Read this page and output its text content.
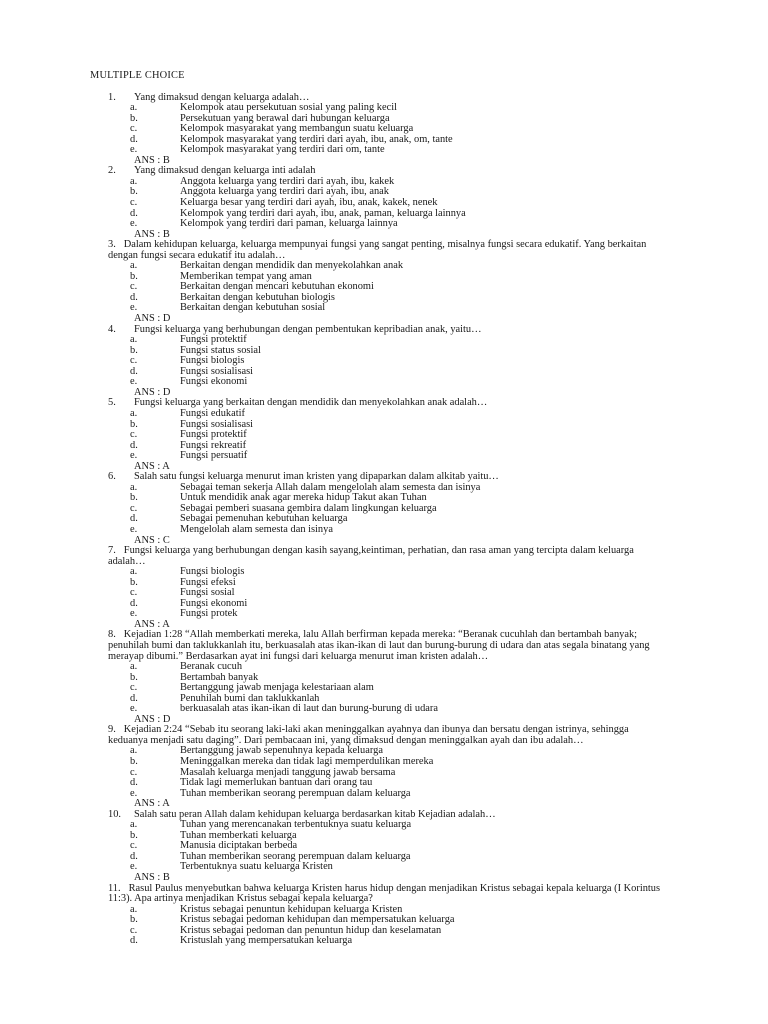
MULTIPLE CHOICE
1.	Yang dimaksud dengan keluarga adalah…
a.	Kelompok atau persekutuan sosial yang paling kecil
b.	Persekutuan yang berawal dari hubungan keluarga
c.	Kelompok masyarakat yang membangun suatu keluarga
d.	Kelompok masyarakat yang terdiri dari ayah, ibu, anak, om, tante
e.	Kelompok masyarakat yang terdiri dari om, tante
ANS : B
2.	Yang dimaksud dengan keluarga inti adalah
a.	Anggota keluarga yang terdiri dari ayah, ibu, kakek
b.	Anggota keluarga yang terdiri dari ayah, ibu, anak
c.	Keluarga besar yang terdiri dari ayah, ibu, anak, kakek, nenek
d.	Kelompok yang terdiri dari ayah, ibu, anak, paman, keluarga lainnya
e.	Kelompok yang terdiri dari paman, keluarga lainnya
ANS : B
3. Dalam kehidupan keluarga, keluarga mempunyai fungsi yang sangat penting, misalnya fungsi secara edukatif. Yang berkaitan dengan fungsi secara edukatif itu adalah…
a.	Berkaitan dengan mendidik dan menyekolahkan anak
b.	Memberikan tempat yang aman
c.	Berkaitan dengan mencari kebutuhan ekonomi
d.	Berkaitan dengan kebutuhan biologis
e.	Berkaitan dengan kebutuhan sosial
ANS : D
4.	Fungsi keluarga yang berhubungan dengan pembentukan kepribadian anak, yaitu…
a.	Fungsi protektif
b.	Fungsi status sosial
c.	Fungsi biologis
d.	Fungsi sosialisasi
e.	Fungsi ekonomi
ANS : D
5.	Fungsi keluarga yang berkaitan dengan mendidik dan menyekolahkan anak adalah…
a.	Fungsi edukatif
b.	Fungsi sosialisasi
c.	Fungsi protektif
d.	Fungsi rekreatif
e.	Fungsi persuatif
ANS : A
6.	Salah satu fungsi keluarga menurut iman kristen yang dipaparkan dalam alkitab yaitu…
a.	Sebagai teman sekerja Allah dalam mengelolah alam semesta dan isinya
b.	Untuk mendidik anak agar mereka hidup Takut akan Tuhan
c.	Sebagai pemberi suasana gembira dalam lingkungan keluarga
d.	Sebagai pemenuhan kebutuhan keluarga
e.	Mengelolah alam semesta dan isinya
ANS : C
7. Fungsi keluarga yang berhubungan dengan kasih sayang,keintiman, perhatian, dan rasa aman yang tercipta dalam keluarga adalah…
a.	Fungsi biologis
b.	Fungsi efeksi
c.	Fungsi sosial
d.	Fungsi ekonomi
e.	Fungsi protek
ANS : A
8. Kejadian 1:28 “Allah memberkati mereka, lalu Allah berfirman kepada mereka: “Beranak cucuhlah dan bertambah banyak; penuhilah bumi dan taklukkanlah itu, berkuasalah atas ikan-ikan di laut dan burung-burung di udara dan atas segala binatang yang merayap dibumi.” Berdasarkan ayat ini fungsi dari keluarga menurut iman kristen adalah…
a.	Beranak cucuh
b.	Bertambah banyak
c.	Bertanggung jawab menjaga kelestariaan alam
d.	Penuhilah bumi dan taklukkanlah
e.	berkuasalah atas ikan-ikan di laut dan burung-burung di udara
ANS : D
9. Kejadian 2:24 “Sebab itu seorang laki-laki akan meninggalkan ayahnya dan ibunya dan bersatu dengan istrinya, sehingga keduanya menjadi satu daging”. Dari pembacaan ini, yang dimaksud dengan meninggalkan ayah dan ibu adalah…
a.	Bertanggung jawab sepenuhnya kepada keluarga
b.	Meninggalkan mereka dan tidak lagi memperdulikan mereka
c.	Masalah keluarga menjadi tanggung jawab bersama
d.	Tidak lagi memerlukan bantuan dari orang tau
e.	Tuhan memberikan seorang perempuan dalam keluarga
ANS : A
10.	Salah satu peran Allah dalam kehidupan keluarga berdasarkan kitab Kejadian adalah…
a.	Tuhan yang merencanakan terbentuknya suatu keluarga
b.	Tuhan memberkati keluarga
c.	Manusia diciptakan berbeda
d.	Tuhan memberikan seorang perempuan dalam keluarga
e.	Terbentuknya suatu keluarga Kristen
ANS : B
11. Rasul Paulus menyebutkan bahwa keluarga Kristen harus hidup dengan menjadikan Kristus sebagai kepala keluarga (I Korintus 11:3). Apa artinya menjadikan Kristus sebagai kepala keluarga?
a.	Kristus sebagai penuntun kehidupan keluarga Kristen
b.	Kristus sebagai pedoman kehidupan dan mempersatukan keluarga
c.	Kristus sebagai pedoman dan penuntun hidup dan keselamatan
d.	Kristuslah yang mempersatukan keluarga
